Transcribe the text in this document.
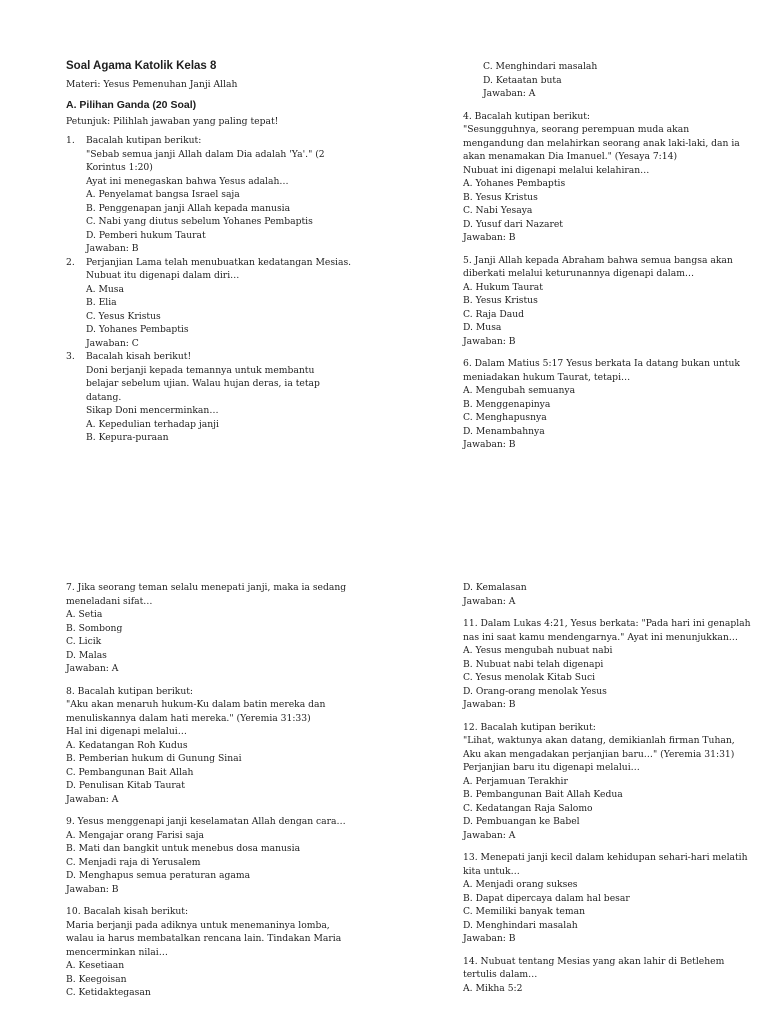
Soal Agama Katolik Kelas 8

Materi: Yesus Pemenuhan Janji Allah

A. Pilihan Ganda (20 Soal)

Petunjuk: Pilihlah jawaban yang paling tepat!

1.	Bacalah kutipan berikut:

"Sebab semua janji Allah dalam Dia adalah 'Ya'." (2

Korintus 1:20)

Ayat ini menegaskan bahwa Yesus adalah…

A. Penyelamat bangsa Israel saja

B. Penggenapan janji Allah kepada manusia

C. Nabi yang diutus sebelum Yohanes Pembaptis

D. Pemberi hukum Taurat

Jawaban: B

2.	Perjanjian Lama telah menubuatkan kedatangan Mesias.

Nubuat itu digenapi dalam diri…

A. Musa

B. Elia

C. Yesus Kristus

D. Yohanes Pembaptis

Jawaban: C

3.	Bacalah kisah berikut!

Doni berjanji kepada temannya untuk membantu

belajar sebelum ujian. Walau hujan deras, ia tetap

datang.

Sikap Doni mencerminkan…

A. Kepedulian terhadap janji

B. Kepura-puraan

C. Menghindari masalah

D. Ketaatan buta

Jawaban: A

4. Bacalah kutipan berikut:

"Sesungguhnya, seorang perempuan muda akan

mengandung dan melahirkan seorang anak laki-laki, dan ia

akan menamakan Dia Imanuel." (Yesaya 7:14)

Nubuat ini digenapi melalui kelahiran…

A. Yohanes Pembaptis

B. Yesus Kristus

C. Nabi Yesaya

D. Yusuf dari Nazaret

Jawaban: B

5. Janji Allah kepada Abraham bahwa semua bangsa akan

diberkati melalui keturunannya digenapi dalam…

A. Hukum Taurat

B. Yesus Kristus

C. Raja Daud

D. Musa

Jawaban: B

6. Dalam Matius 5:17 Yesus berkata Ia datang bukan untuk

meniadakan hukum Taurat, tetapi…

A. Mengubah semuanya

B. Menggenapinya

C. Menghapusnya

D. Menambahnya

Jawaban: B

7. Jika seorang teman selalu menepati janji, maka ia sedang

meneladani sifat…

A. Setia

B. Sombong

C. Licik

D. Malas

Jawaban: A

8. Bacalah kutipan berikut:

"Aku akan menaruh hukum-Ku dalam batin mereka dan

menuliskannya dalam hati mereka." (Yeremia 31:33)

Hal ini digenapi melalui…

A. Kedatangan Roh Kudus

B. Pemberian hukum di Gunung Sinai

C. Pembangunan Bait Allah

D. Penulisan Kitab Taurat

Jawaban: A

9. Yesus menggenapi janji keselamatan Allah dengan cara…

A. Mengajar orang Farisi saja

B. Mati dan bangkit untuk menebus dosa manusia

C. Menjadi raja di Yerusalem

D. Menghapus semua peraturan agama

Jawaban: B

10. Bacalah kisah berikut:

Maria berjanji pada adiknya untuk menemaninya lomba,

walau ia harus membatalkan rencana lain. Tindakan Maria

mencerminkan nilai…

A. Kesetiaan

B. Keegoisan

C. Ketidaktegasan

D. Kemalasan

Jawaban: A

11. Dalam Lukas 4:21, Yesus berkata: "Pada hari ini genaplah

nas ini saat kamu mendengarnya." Ayat ini menunjukkan…

A. Yesus mengubah nubuat nabi

B. Nubuat nabi telah digenapi

C. Yesus menolak Kitab Suci

D. Orang-orang menolak Yesus

Jawaban: B

12. Bacalah kutipan berikut:

"Lihat, waktunya akan datang, demikianlah firman Tuhan,

Aku akan mengadakan perjanjian baru…" (Yeremia 31:31)

Perjanjian baru itu digenapi melalui…

A. Perjamuan Terakhir

B. Pembangunan Bait Allah Kedua

C. Kedatangan Raja Salomo

D. Pembuangan ke Babel

Jawaban: A

13. Menepati janji kecil dalam kehidupan sehari-hari melatih

kita untuk…

A. Menjadi orang sukses

B. Dapat dipercaya dalam hal besar

C. Memiliki banyak teman

D. Menghindari masalah

Jawaban: B

14. Nubuat tentang Mesias yang akan lahir di Betlehem

tertulis dalam…

A. Mikha 5:2
